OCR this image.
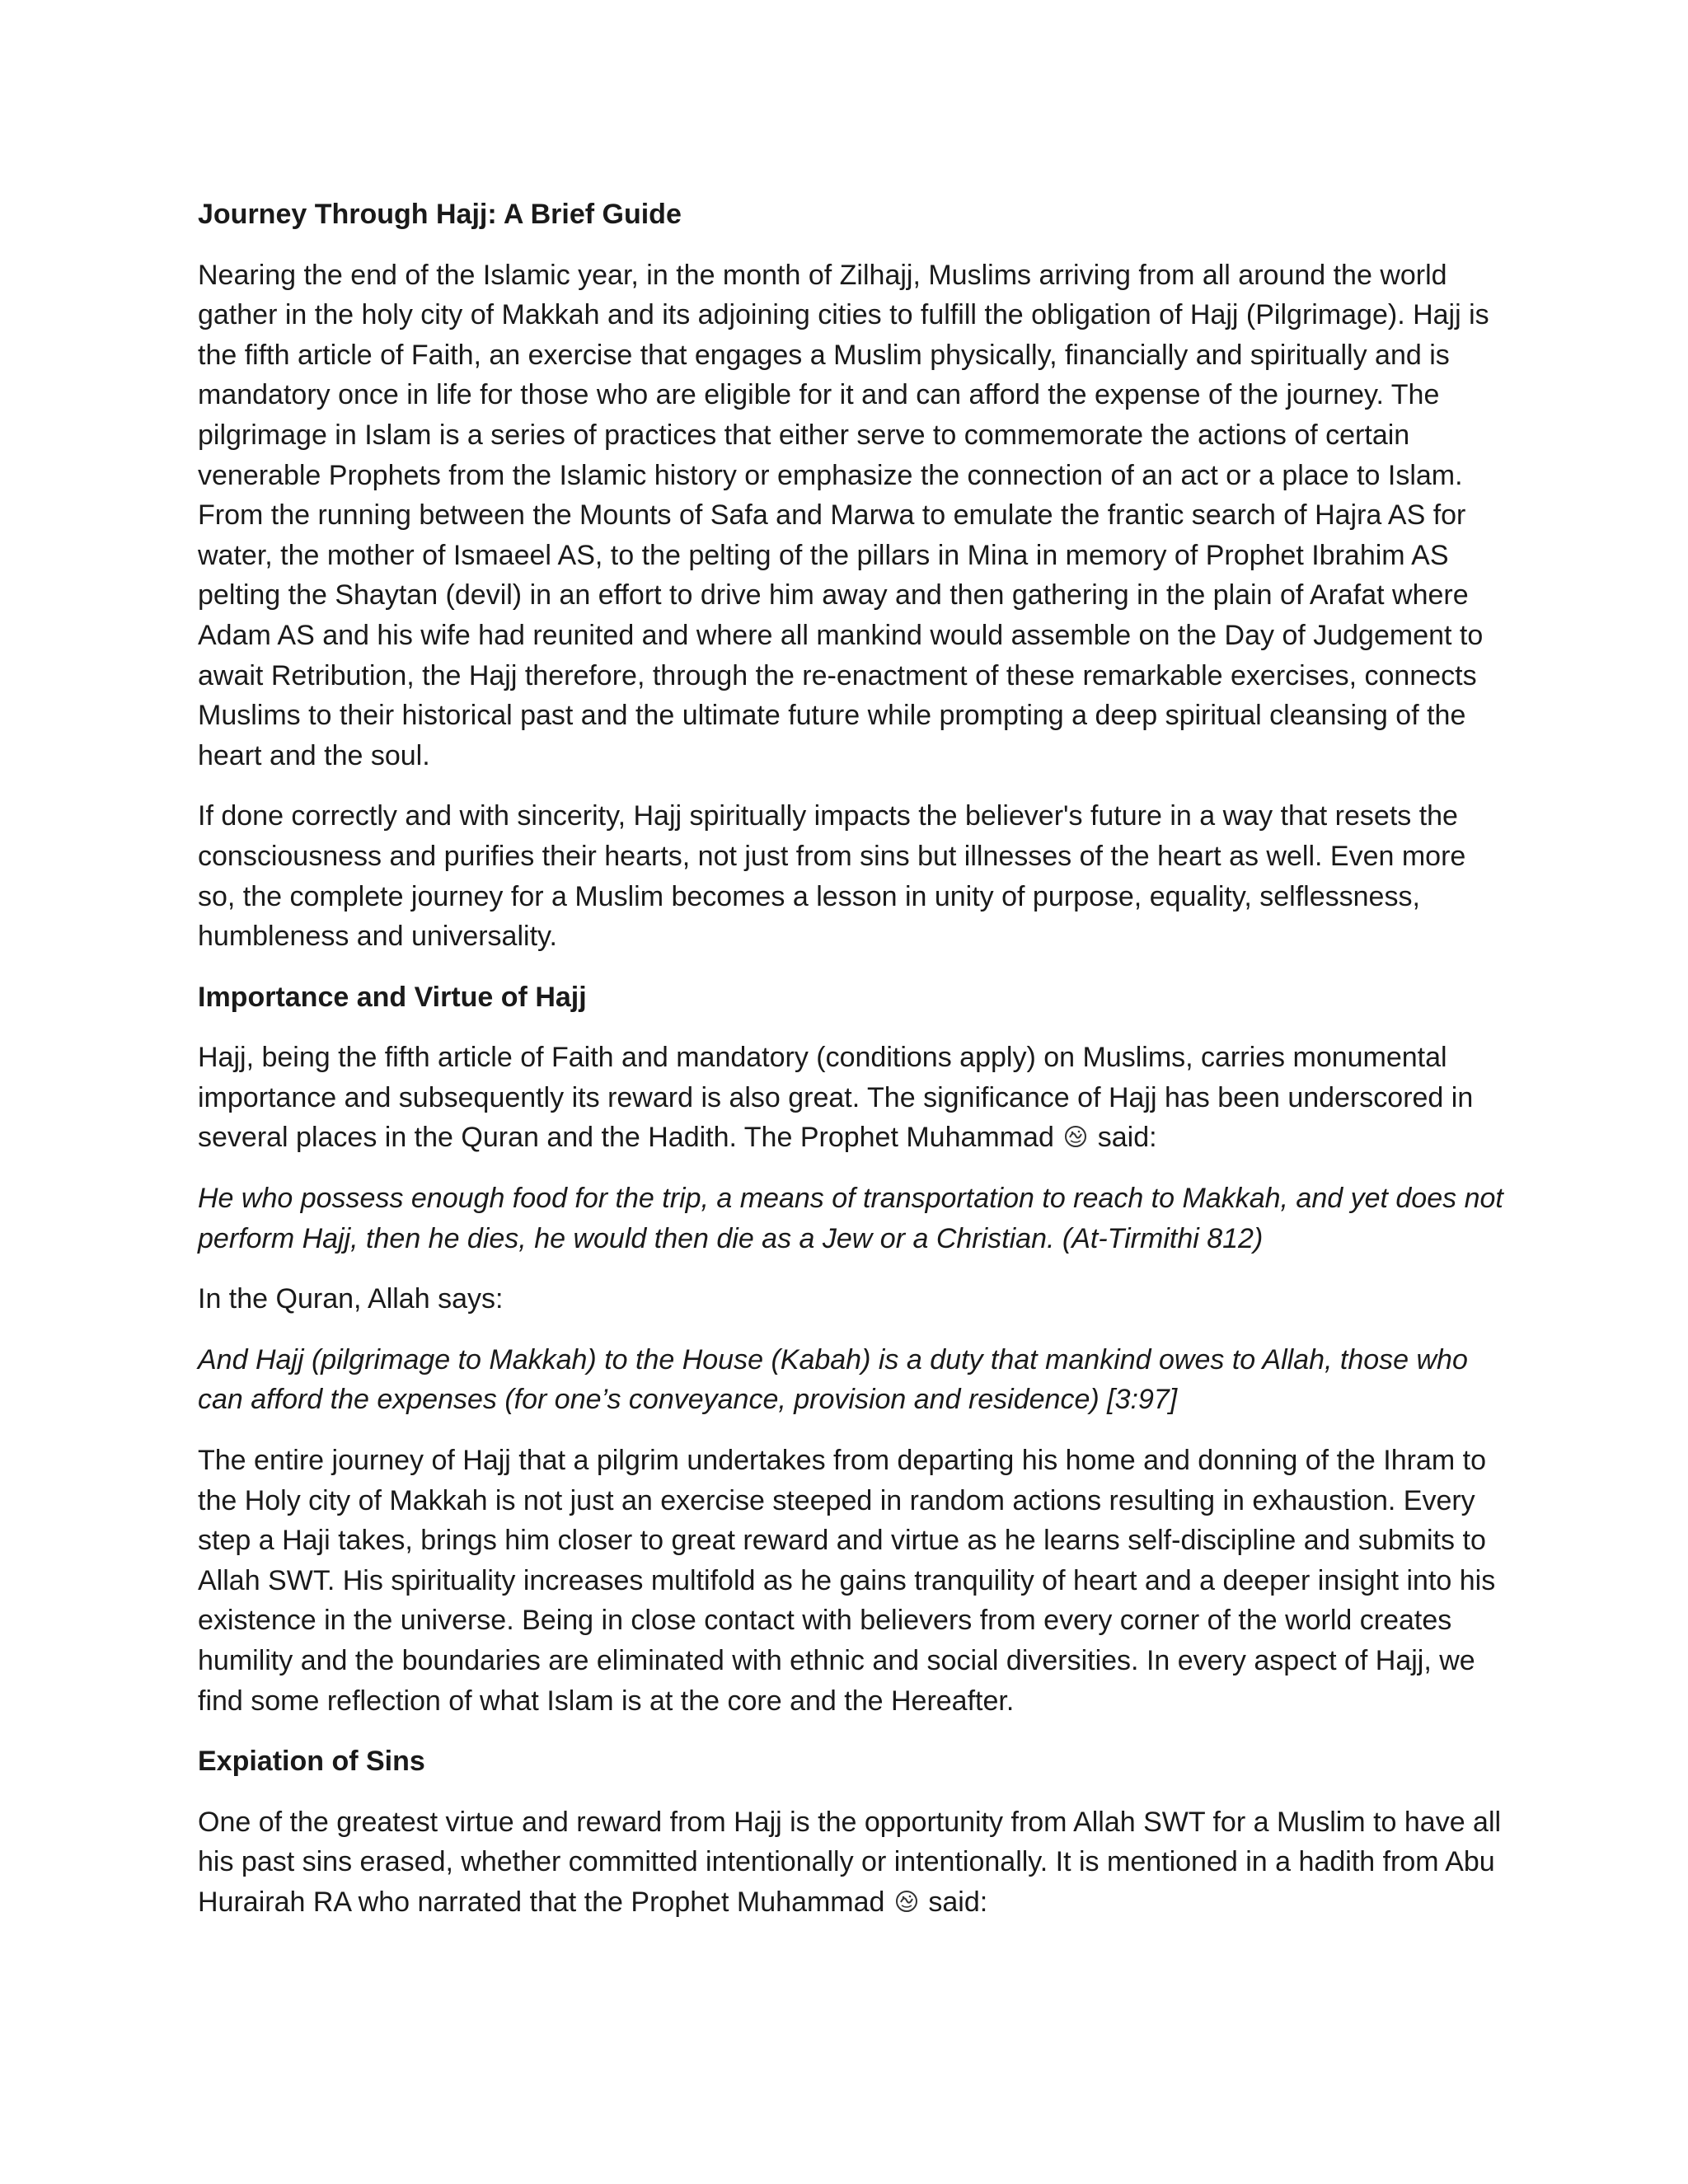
Journey Through Hajj: A Brief Guide

Nearing the end of the Islamic year, in the month of Zilhajj, Muslims arriving from all around the world gather in the holy city of Makkah and its adjoining cities to fulfill the obligation of Hajj (Pilgrimage). Hajj is the fifth article of Faith, an exercise that engages a Muslim physically, financially and spiritually and is mandatory once in life for those who are eligible for it and can afford the expense of the journey. The pilgrimage in Islam is a series of practices that either serve to commemorate the actions of certain venerable Prophets from the Islamic history or emphasize the connection of an act or a place to Islam. From the running between the Mounts of Safa and Marwa to emulate the frantic search of Hajra AS for water, the mother of Ismaeel AS, to the pelting of the pillars in Mina in memory of Prophet Ibrahim AS pelting the Shaytan (devil) in an effort to drive him away and then gathering in the plain of Arafat where Adam AS and his wife had reunited and where all mankind would assemble on the Day of Judgement to await Retribution, the Hajj therefore, through the re-enactment of these remarkable exercises, connects Muslims to their historical past and the ultimate future while prompting a deep spiritual cleansing of the heart and the soul.

If done correctly and with sincerity, Hajj spiritually impacts the believer's future in a way that resets the consciousness and purifies their hearts, not just from sins but illnesses of the heart as well. Even more so, the complete journey for a Muslim becomes a lesson in unity of purpose, equality, selflessness, humbleness and universality.

Importance and Virtue of Hajj

Hajj, being the fifth article of Faith and mandatory (conditions apply) on Muslims, carries monumental importance and subsequently its reward is also great. The significance of Hajj has been underscored in several places in the Quran and the Hadith. The Prophet Muhammad said:

He who possess enough food for the trip, a means of transportation to reach to Makkah, and yet does not perform Hajj, then he dies, he would then die as a Jew or a Christian. (At-Tirmithi 812)

In the Quran, Allah says:

And Hajj (pilgrimage to Makkah) to the House (Kabah) is a duty that mankind owes to Allah, those who can afford the expenses (for one’s conveyance, provision and residence) [3:97]

The entire journey of Hajj that a pilgrim undertakes from departing his home and donning of the Ihram to the Holy city of Makkah is not just an exercise steeped in random actions resulting in exhaustion. Every step a Haji takes, brings him closer to great reward and virtue as he learns self-discipline and submits to Allah SWT. His spirituality increases multifold as he gains tranquility of heart and a deeper insight into his existence in the universe. Being in close contact with believers from every corner of the world creates humility and the boundaries are eliminated with ethnic and social diversities. In every aspect of Hajj, we find some reflection of what Islam is at the core and the Hereafter.

Expiation of Sins

One of the greatest virtue and reward from Hajj is the opportunity from Allah SWT for a Muslim to have all his past sins erased, whether committed intentionally or intentionally. It is mentioned in a hadith from Abu Hurairah RA who narrated that the Prophet Muhammad said:
